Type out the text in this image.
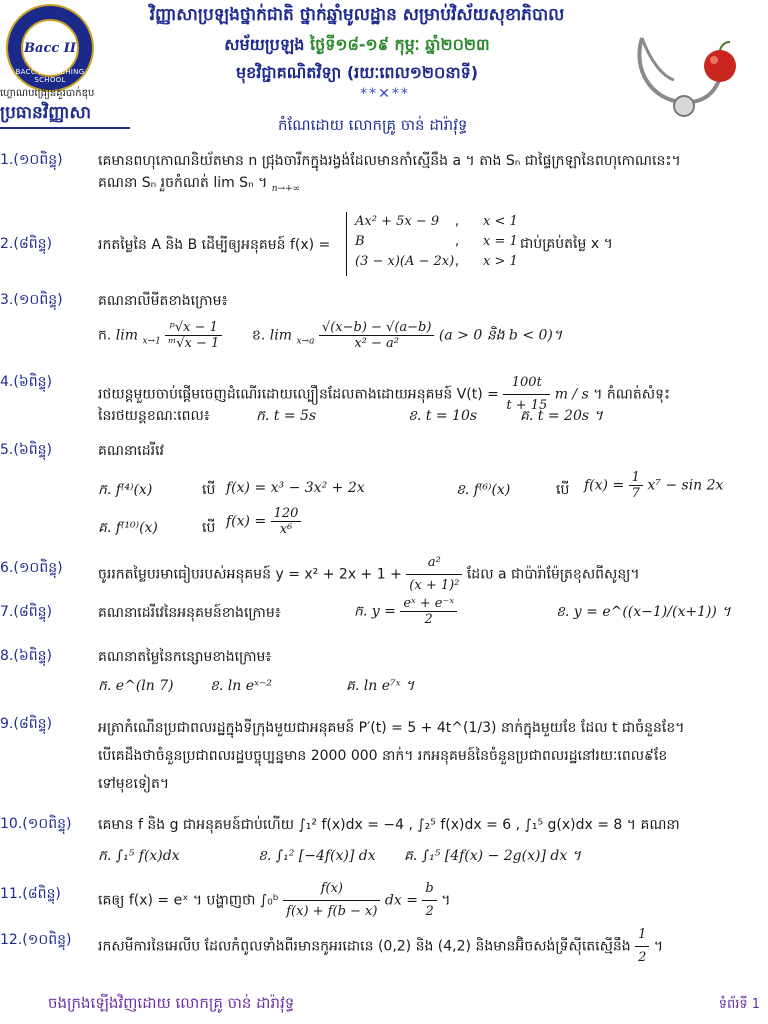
Bacc II
BACC II TEACHING SCHOOL
ហ្លោណបង្រៀនគួរបាក់ឌុប
វិញ្ញាសាប្រឡងថ្នាក់ជាតិ ថ្នាក់ឆ្នាំមូលដ្ឋាន សម្រាប់វិស័យសុខាភិបាល
សម័យប្រឡង ថ្ងៃទី១៨-១៩ កុម្ភៈ ឆ្នាំ២០២៣
មុខវិជ្ជាគណិតវិទ្យា (រយៈពេល១២០នាទី)
**✕**
ប្រធានវិញ្ញាសា
កំណែដោយ លោកគ្រូ ចាន់ ដារ៉ាវុទ្ធ
1.(១០ពិន្ទុ)	គេមានពហុកោណនិយ័តមាន n ជ្រុងចារឹកក្នុងរង្វង់ដែលមានកាំស្មើនឹង a ។ តាង Sₙ ជាផ្ទៃក្រឡានៃពហុកោណនេះ។
គណនា Sₙ រួចកំណត់ lim Sₙ ។ $_{n\to+\infty}$
2.(៨ពិន្ទុ)	រកតម្លៃនៃ A និង B ដើម្បីឲ្យអនុគមន៍ f(x) =	ជាប់គ្រប់តម្លៃ x ។
Ax² + 5x − 9 , x < 1
B	, x = 1
(3 − x)(A − 2x) , x > 1
3.(១០ពិន្ទុ)	គណនាលីមីតខាងក្រោម៖
ក. $\lim _{x\to 1} \frac{\text{ᵖ√x − 1}}{\text{ᵐ√x − 1}}$ ខ. $\lim _{x\to a} \frac{√(x-b) - √(a-b)}{\text{x² − a²}} (a > 0$ និង b < 0)។
4.(៦ពិន្ទុ)
រថយន្តមួយចាប់ផ្តើមចេញដំណើរដោយល្បឿនដែលតាងដោយអនុគមន៍ $V(t) = \frac{100t}{t + 15}$ m / s ។ កំណត់សំទុះ
នៃរថយន្តខណៈពេល៖	ក. t = 5s	ខ. t = 10s	គ. t = 20s ។
5.(៦ពិន្ទុ)	គណនាដេរីវេ
ក. f⁽⁴⁾(x)	បើ f(x) = x³ − 3x² + 2x	ខ. f⁽⁶⁾(x)	បើ $f(x) = \frac{1}{7} x^7 - \sin 2x$
គ. f⁽¹⁰⁾(x)	បើ $f(x) = \frac{120}{\text{x⁶}}$
6.(១០ពិន្ទុ)	ចូររកតម្លៃបរមាធៀបរបស់អនុគមន៍ $y = x^2 + 2x + 1 + \frac{\text{a²}}{\text{(x + 1)²}}$ ដែល a ជាប៉ារ៉ាម៉ែត្រខុសពីសូន្យ។
7.(៨ពិន្ទុ)	គណនាដេរីវេនៃអនុគមន៍ខាងក្រោម៖	ក. $y = \frac{\text{eˣ + e⁻ˣ}}{2}$	ខ. y = e^((x−1)/(x+1)) ។
8.(៦ពិន្ទុ)	គណនាតម្លៃនៃកន្សោមខាងក្រោម៖
ក. e^(ln 7)	ខ. ln eˣ⁻²	គ. ln e⁷ˣ ។
9.(៨ពិន្ទុ)	អត្រាកំណើនប្រជាពលរដ្ឋក្នុងទីក្រុងមួយជាអនុគមន៍ P′(t) = 5 + 4t^(1/3) នាក់ក្នុងមួយខែ ដែល t ជាចំនួនខែ។
បើគេដឹងថាចំនួនប្រជាពលរដ្ឋបច្ចុប្បន្នមាន 2000 000 នាក់។ រកអនុគមន៍នៃចំនួនប្រជាពលរដ្ឋនៅរយៈពេល៩ខែ
ទៅមុខទៀត។
10.(១០ពិន្ទុ)	គេមាន f និង g ជាអនុគមន៍ជាប់ហើយ ∫₁² f(x)dx = −4 , ∫₂⁵ f(x)dx = 6 , ∫₁⁵ g(x)dx = 8 ។ គណនា
ក. ∫₁⁵ f(x)dx	ខ. ∫₁² [−4f(x)] dx គ. ∫₁⁵ [4f(x) − 2g(x)] dx ។
11.(៨ពិន្ទុ)	គេឲ្យ f(x) = eˣ ។ បង្ហាញថា ∫₀ᵇ $\frac{f(x)}{f(x) + f(b - x)}$ dx = $\frac{b}{2}$ ។
12.(១០ពិន្ទុ)	រកសមីការនៃអេលីប ដែលកំពូលទាំងពីរមានកូអរដោនេ (0,2) និង (4,2) និងមានអ៊ិចសង់ទ្រីស៊ីតេស្មើនឹង $\frac{1}{2}$ ។
ចងក្រងឡើងវិញដោយ លោកគ្រូ ចាន់ ដារ៉ាវុទ្ធ	ទំព័រទី 1
